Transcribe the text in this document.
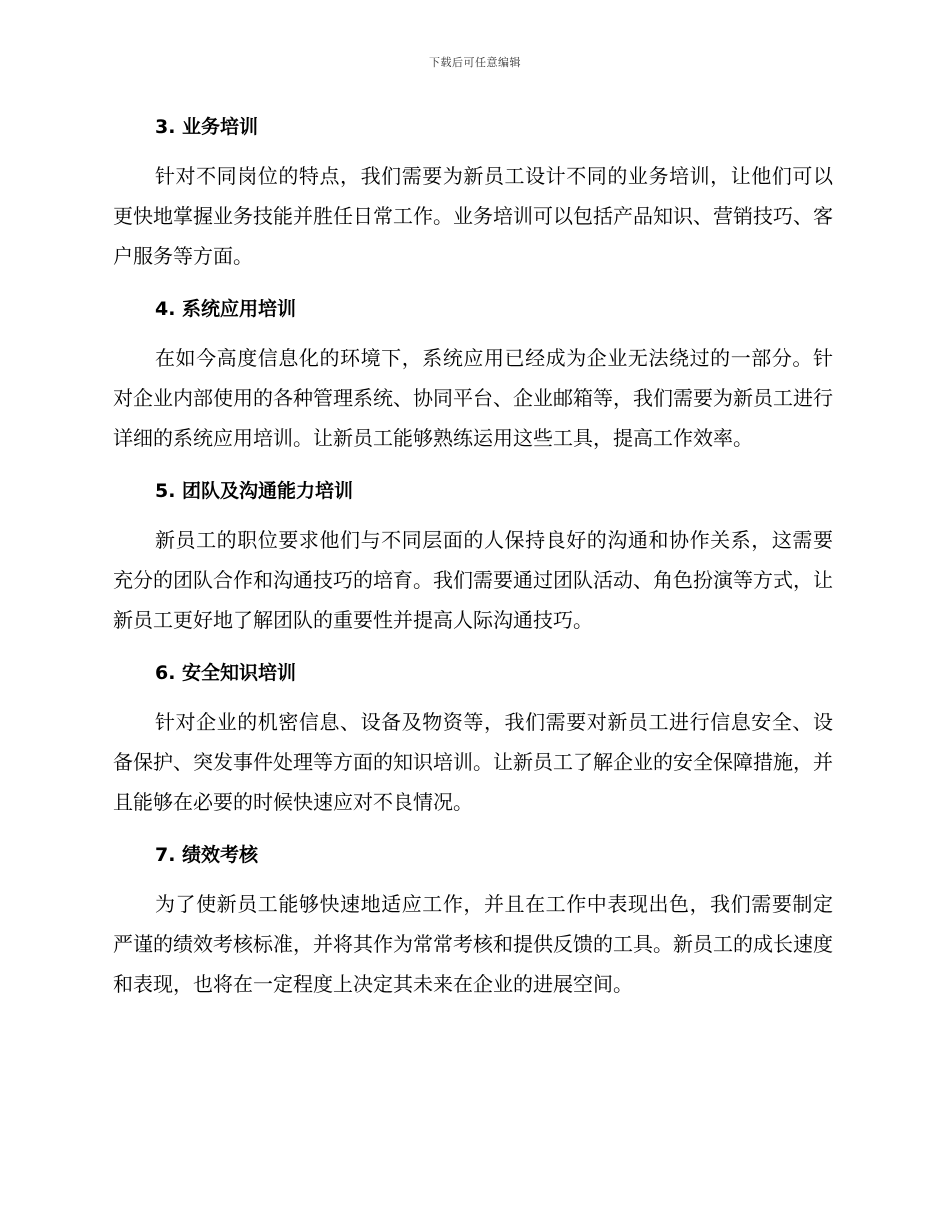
下载后可任意编辑
3. 业务培训

针对不同岗位的特点，我们需要为新员工设计不同的业务培训，让他们可以更快地掌握业务技能并胜任日常工作。业务培训可以包括产品知识、营销技巧、客户服务等方面。

4. 系统应用培训

在如今高度信息化的环境下，系统应用已经成为企业无法绕过的一部分。针对企业内部使用的各种管理系统、协同平台、企业邮箱等，我们需要为新员工进行详细的系统应用培训。让新员工能够熟练运用这些工具，提高工作效率。

5. 团队及沟通能力培训

新员工的职位要求他们与不同层面的人保持良好的沟通和协作关系，这需要充分的团队合作和沟通技巧的培育。我们需要通过团队活动、角色扮演等方式，让新员工更好地了解团队的重要性并提高人际沟通技巧。

6. 安全知识培训

针对企业的机密信息、设备及物资等，我们需要对新员工进行信息安全、设备保护、突发事件处理等方面的知识培训。让新员工了解企业的安全保障措施，并且能够在必要的时候快速应对不良情况。

7. 绩效考核

为了使新员工能够快速地适应工作，并且在工作中表现出色，我们需要制定严谨的绩效考核标准，并将其作为常常考核和提供反馈的工具。新员工的成长速度和表现，也将在一定程度上决定其未来在企业的进展空间。
